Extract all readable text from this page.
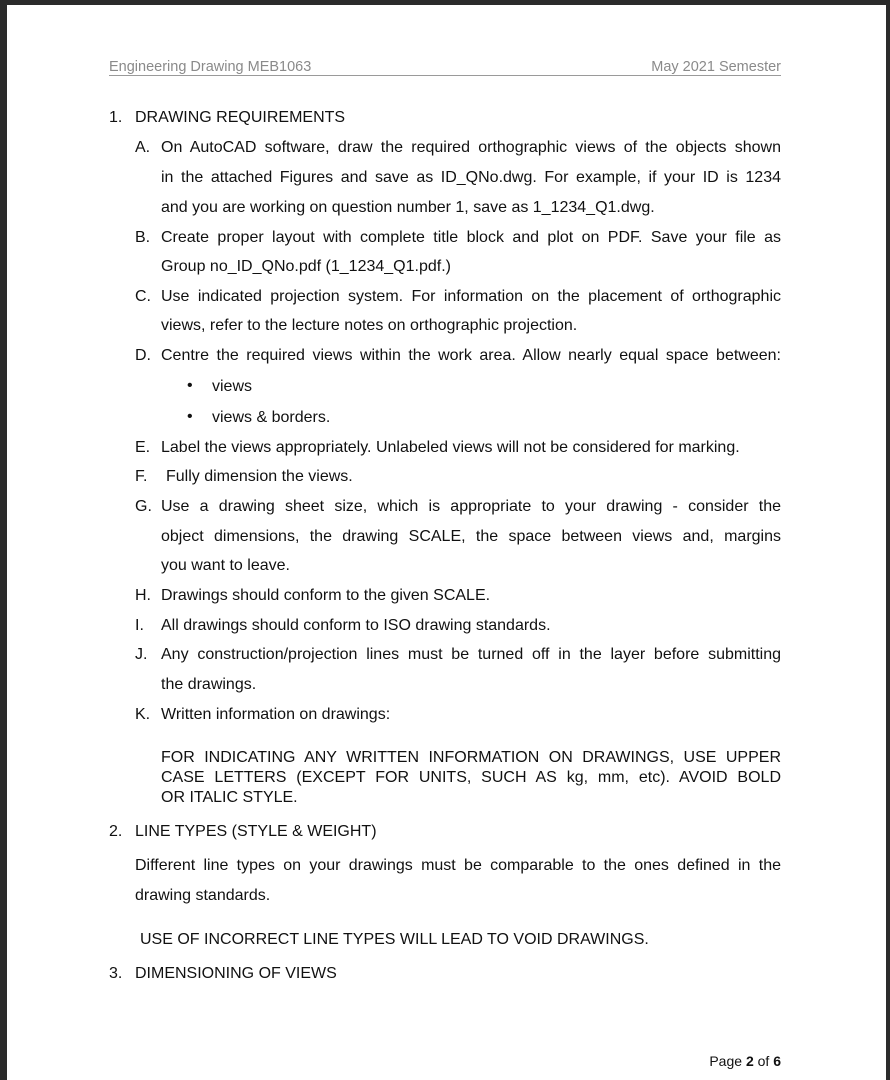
Engineering Drawing MEB1063	May 2021 Semester
1. DRAWING REQUIREMENTS
A. On AutoCAD software, draw the required orthographic views of the objects shown
in the attached Figures and save as ID_QNo.dwg. For example, if your ID is 1234
and you are working on question number 1, save as 1_1234_Q1.dwg.
B. Create proper layout with complete title block and plot on PDF. Save your file as
Group no_ID_QNo.pdf (1_1234_Q1.pdf.)
C. Use indicated projection system. For information on the placement of orthographic
views, refer to the lecture notes on orthographic projection.
D. Centre the required views within the work area. Allow nearly equal space between:
• views
• views & borders.
E. Label the views appropriately. Unlabeled views will not be considered for marking.
F. Fully dimension the views.
G. Use a drawing sheet size, which is appropriate to your drawing - consider the
object dimensions, the drawing SCALE, the space between views and, margins
you want to leave.
H. Drawings should conform to the given SCALE.
I. All drawings should conform to ISO drawing standards.
J. Any construction/projection lines must be turned off in the layer before submitting
the drawings.
K. Written information on drawings:
FOR INDICATING ANY WRITTEN INFORMATION ON DRAWINGS, USE UPPER
CASE LETTERS (EXCEPT FOR UNITS, SUCH AS kg, mm, etc). AVOID BOLD
OR ITALIC STYLE.
2. LINE TYPES (STYLE & WEIGHT)
Different line types on your drawings must be comparable to the ones defined in the
drawing standards.
USE OF INCORRECT LINE TYPES WILL LEAD TO VOID DRAWINGS.
3. DIMENSIONING OF VIEWS
Page 2 of 6
